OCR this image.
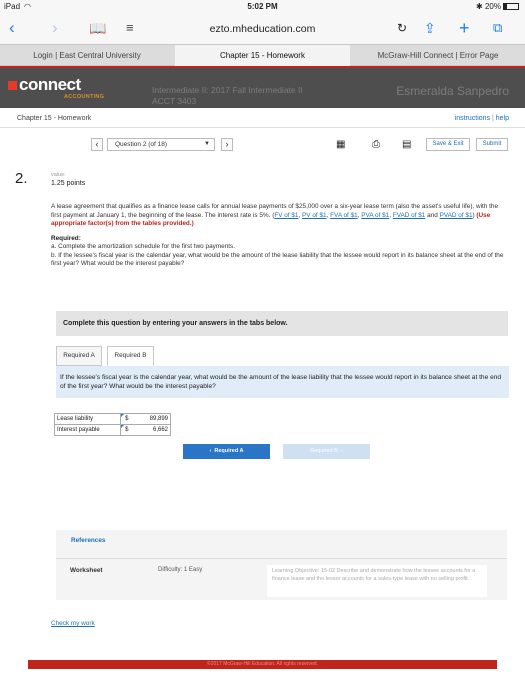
iPad ◠	5:02 PM	✱ 20%
‹ › 📖 ≡	ezto.mheducation.com	↻ ⇪ + ⧉
Login | East Central University	Chapter 15 - Homework	McGraw-Hill Connect | Error Page
connect
ACCOUNTING
Intermediate II: 2017 Fall Intermediate II
ACCT 3403
Esmeralda Sanpedro
Chapter 15 - Homework	instructions | help
‹	Question 2 (of 18)	▼	›	▦	⎙ ▤	Save & Exit	Submit
2.	value:
1.25 points
A lease agreement that qualifies as a finance lease calls for annual lease payments of $25,000 over a six-year lease term (also the asset's useful life), with the first payment at January 1, the beginning of the lease. The interest rate is 5%. (FV of $1, PV of $1, FVA of $1, PVA of $1, FVAD of $1 and PVAD of $1) (Use appropriate factor(s) from the tables provided.)
Required:
a. Complete the amortization schedule for the first two payments.
b. If the lessee's fiscal year is the calendar year, what would be the amount of the lease liability that the lessee would report in its balance sheet at the end of the first year? What would be the interest payable?
Complete this question by entering your answers in the tabs below.
Required A	Required B
If the lessee's fiscal year is the calendar year, what would be the amount of the lease liability that the lessee would report in its balance sheet at the end of the first year? What would be the interest payable?
Lease liability	$	89,899
Interest payable	$	6,662
‹ Required A	Required B ›
References
Worksheet	Difficulty: 1 Easy	Learning Objective: 15-02 Describe and demonstrate how the lessee accounts for a finance lease and the lessor accounts for a sales-type lease with no selling profit.
Check my work
©2017 McGraw-Hill Education. All rights reserved.
